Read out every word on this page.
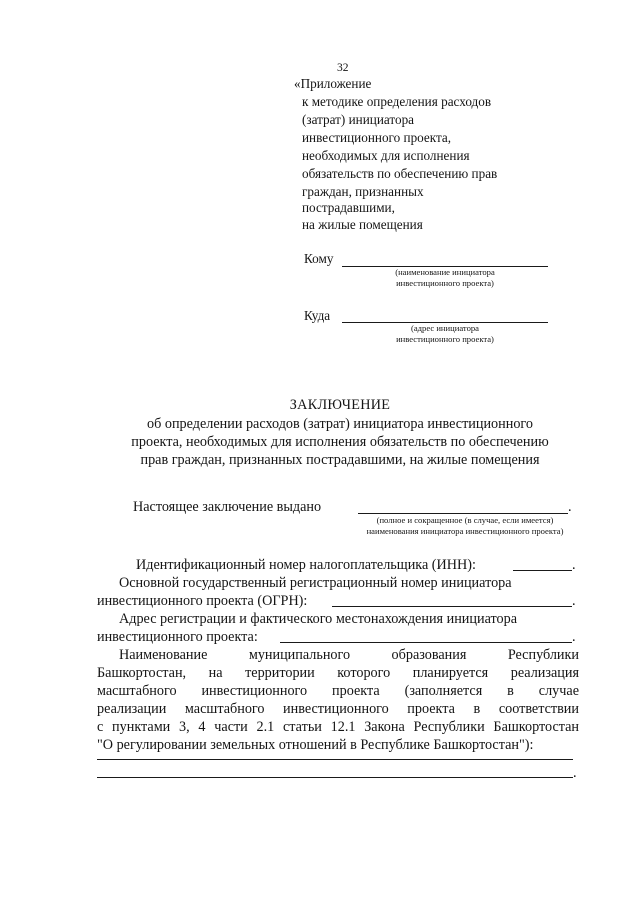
32
«Приложение
к методике определения расходов
(затрат) инициатора
инвестиционного проекта,
необходимых для исполнения
обязательств по обеспечению прав
граждан, признанных
пострадавшими,
на жилые помещения
Кому
(наименование инициатора
инвестиционного проекта)
Куда
(адрес инициатора
инвестиционного проекта)
ЗАКЛЮЧЕНИЕ
об определении расходов (затрат) инициатора инвестиционного
проекта, необходимых для исполнения обязательств по обеспечению
прав граждан, признанных пострадавшими, на жилые помещения
Настоящее заключение выдано	.
(полное и сокращенное (в случае, если имеется)
наименования инициатора инвестиционного проекта)
Идентификационный номер налогоплательщика (ИНН):	.
Основной государственный регистрационный номер инициатора
инвестиционного проекта (ОГРН):	.
Адрес регистрации и фактического местонахождения инициатора
инвестиционного проекта:	.
Наименование муниципального образования Республики
Башкортостан, на территории которого планируется реализация
масштабного инвестиционного проекта (заполняется в случае
реализации масштабного инвестиционного проекта в соответствии
с пунктами 3, 4 части 2.1 статьи 12.1 Закона Республики Башкортостан
"О регулировании земельных отношений в Республике Башкортостан"):
.
